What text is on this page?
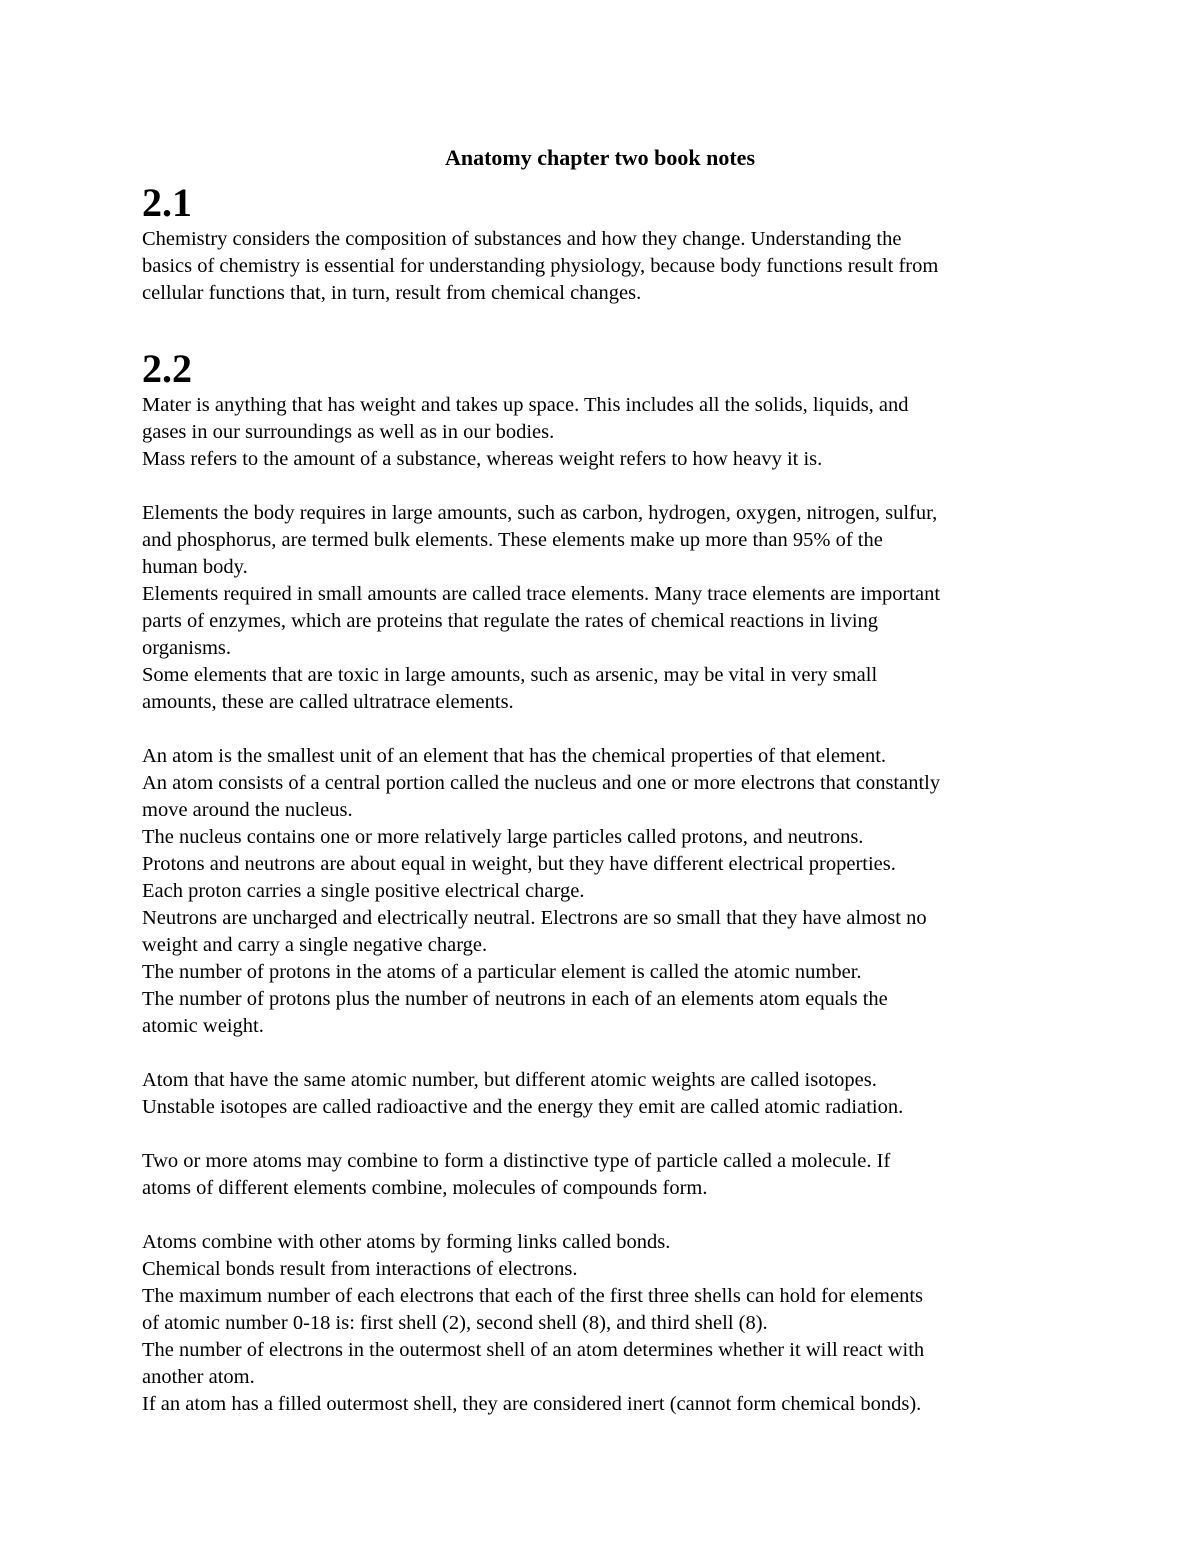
Anatomy chapter two book notes
2.1

Chemistry considers the composition of substances and how they change. Understanding the

basics of chemistry is essential for understanding physiology, because body functions result from

cellular functions that, in turn, result from chemical changes.

2.2

Mater is anything that has weight and takes up space. This includes all the solids, liquids, and

gases in our surroundings as well as in our bodies.

Mass refers to the amount of a substance, whereas weight refers to how heavy it is.

Elements the body requires in large amounts, such as carbon, hydrogen, oxygen, nitrogen, sulfur,

and phosphorus, are termed bulk elements. These elements make up more than 95% of the

human body.

Elements required in small amounts are called trace elements. Many trace elements are important

parts of enzymes, which are proteins that regulate the rates of chemical reactions in living

organisms.

Some elements that are toxic in large amounts, such as arsenic, may be vital in very small

amounts, these are called ultratrace elements.

An atom is the smallest unit of an element that has the chemical properties of that element.

An atom consists of a central portion called the nucleus and one or more electrons that constantly

move around the nucleus.

The nucleus contains one or more relatively large particles called protons, and neutrons.

Protons and neutrons are about equal in weight, but they have different electrical properties.

Each proton carries a single positive electrical charge.

Neutrons are uncharged and electrically neutral. Electrons are so small that they have almost no

weight and carry a single negative charge.

The number of protons in the atoms of a particular element is called the atomic number.

The number of protons plus the number of neutrons in each of an elements atom equals the

atomic weight.

Atom that have the same atomic number, but different atomic weights are called isotopes.

Unstable isotopes are called radioactive and the energy they emit are called atomic radiation.

Two or more atoms may combine to form a distinctive type of particle called a molecule. If

atoms of different elements combine, molecules of compounds form.

Atoms combine with other atoms by forming links called bonds.

Chemical bonds result from interactions of electrons.

The maximum number of each electrons that each of the first three shells can hold for elements

of atomic number 0-18 is: first shell (2), second shell (8), and third shell (8).

The number of electrons in the outermost shell of an atom determines whether it will react with

another atom.

If an atom has a filled outermost shell, they are considered inert (cannot form chemical bonds).
